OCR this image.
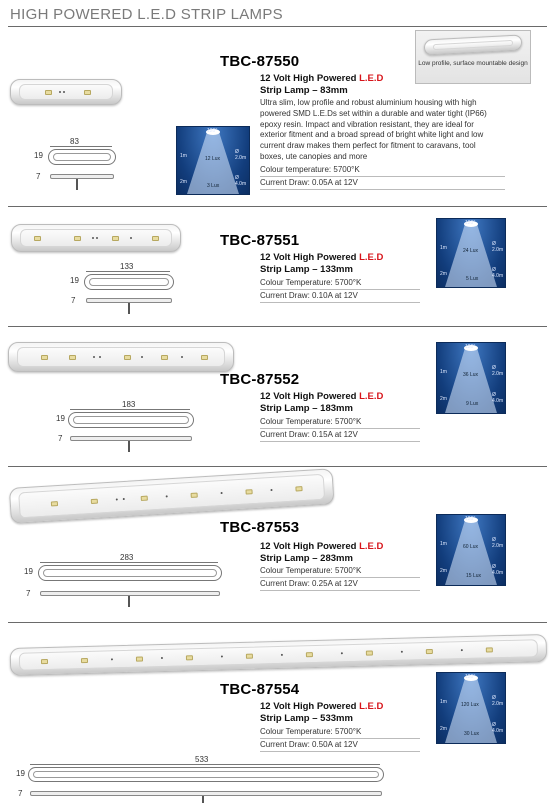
HIGH POWERED L.E.D STRIP LAMPS
Low profile, surface mountable design
83
19
7
TBC-87550
12 Volt High Powered L.E.D
Strip Lamp – 83mm
Ultra slim, low profile and robust aluminium housing with high powered SMD L.E.Ds set within a durable and water tight (IP66) epoxy resin. Impact and vibration resistant, they are ideal for exterior fitment and a broad spread of bright white light and low current draw makes them perfect for fitment to caravans, tool boxes, ute canopies and more
Colour temperature: 5700°K
Current Draw: 0.05A at 12V
120°
1m
2m
Ø 2.0m
Ø 4.0m
12 Lux
3 Lux
133
19
7
TBC-87551
12 Volt High Powered L.E.D
Strip Lamp – 133mm
Colour Temperature: 5700°K
Current Draw: 0.10A at 12V
120°
1m
2m
Ø 2.0m
Ø 4.0m
24 Lux
5 Lux
183
19
7
TBC-87552
12 Volt High Powered L.E.D
Strip Lamp – 183mm
Colour Temperature: 5700°K
Current Draw: 0.15A at 12V
120°
1m
2m
Ø 2.0m
Ø 4.0m
36 Lux
9 Lux
283
19
7
TBC-87553
12 Volt High Powered L.E.D
Strip Lamp – 283mm
Colour Temperature: 5700°K
Current Draw: 0.25A at 12V
120°
1m
2m
Ø 2.0m
Ø 4.0m
60 Lux
15 Lux
533
19
7
TBC-87554
12 Volt High Powered L.E.D
Strip Lamp – 533mm
Colour Temperature: 5700°K
Current Draw: 0.50A at 12V
120°
1m
2m
Ø 2.0m
Ø 4.0m
120 Lux
30 Lux
